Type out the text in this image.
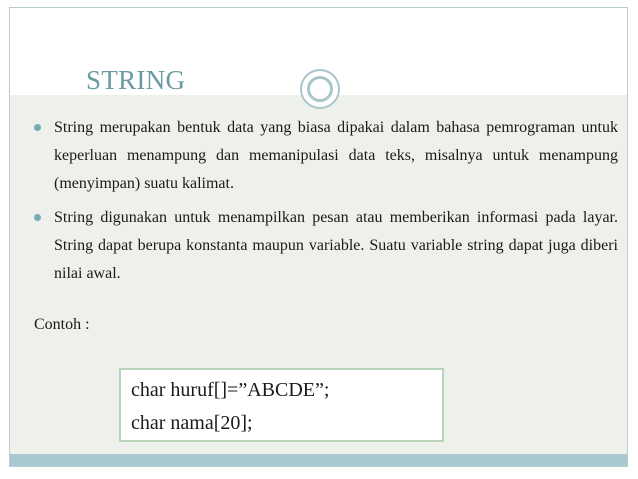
STRING

String merupakan bentuk data yang biasa dipakai dalam bahasa pemrograman untuk keperluan menampung dan memanipulasi data teks, misalnya untuk menampung (menyimpan) suatu kalimat.

String digunakan untuk menampilkan pesan atau memberikan informasi pada layar. String dapat berupa konstanta maupun variable. Suatu variable string dapat juga diberi nilai awal.

Contoh :

char huruf[]=”ABCDE”;

char nama[20];
